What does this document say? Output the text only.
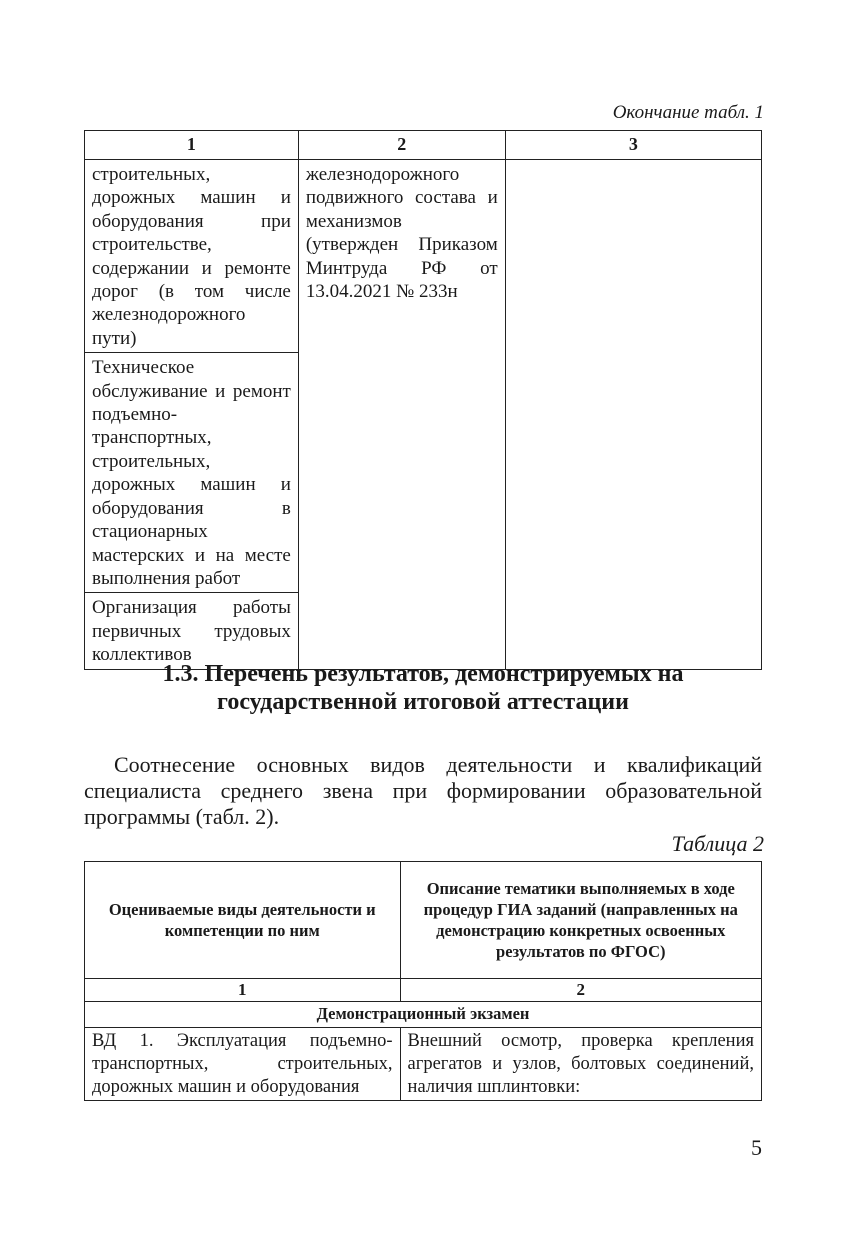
Окончание табл. 1
1	2	3
строительных, дорожных машин и оборудования при строительстве, содержании и ремонте дорог (в том числе железнодорожного пути)	железнодорожного подвижного состава и механизмов (утвержден Приказом Минтруда РФ от 13.04.2021 № 233н	
Техническое обслуживание и ремонт подъемно-транспортных, строительных, дорожных машин и оборудования в стационарных мастерских и на месте выполнения работ		
Организация работы первичных трудовых коллективов		
1.3. Перечень результатов, демонстрируемых на государственной итоговой аттестации

Соотнесение основных видов деятельности и квалификаций специалиста среднего звена при формировании образовательной программы (табл. 2).

Таблица 2
Оцениваемые виды деятельности и компетенции по ним	Описание тематики выполняемых в ходе процедур ГИА заданий (направленных на демонстрацию конкретных освоенных результатов по ФГОС)
1	2
Демонстрационный экзамен	
ВД 1. Эксплуатация подъемно-транспортных, строительных, дорожных машин и оборудования	Внешний осмотр, проверка крепления агрегатов и узлов, болтовых соединений, наличия шплинтовки:
5
